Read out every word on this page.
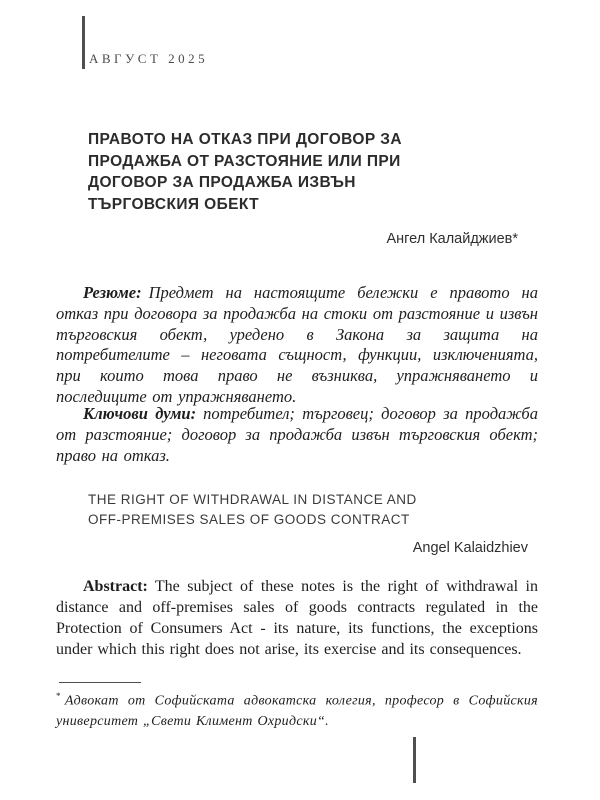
АВГУСТ 2025
ПРАВОТО НА ОТКАЗ ПРИ ДОГОВОР ЗА ПРОДАЖБА ОТ РАЗСТОЯНИЕ ИЛИ ПРИ ДОГОВОР ЗА ПРОДАЖБА ИЗВЪН ТЪРГОВСКИЯ ОБЕКТ
Ангел Калайджиев*

Резюме: Предмет на настоящите бележки е правото на отказ при договора за продажба на стоки от разстояние и извън търговския обект, уредено в Закона за защита на потребителите – неговата същност, функции, изключенията, при които това право не възниква, упражняването и последиците от упражняването.

Ключови думи: потребител; търговец; договор за продажба от разстояние; договор за продажба извън търговския обект; право на отказ.

THE RIGHT OF WITHDRAWAL IN DISTANCE AND OFF-PREMISES SALES OF GOODS CONTRACT
Angel Kalaidzhiev

Abstract: The subject of these notes is the right of withdrawal in distance and off-premises sales of goods contracts regulated in the Protection of Consumers Act - its nature, its functions, the exceptions under which this right does not arise, its exercise and its consequences.

* Адвокат от Софийската адвокатска колегия, професор в Софийския университет „Свети Климент Охридски“.
